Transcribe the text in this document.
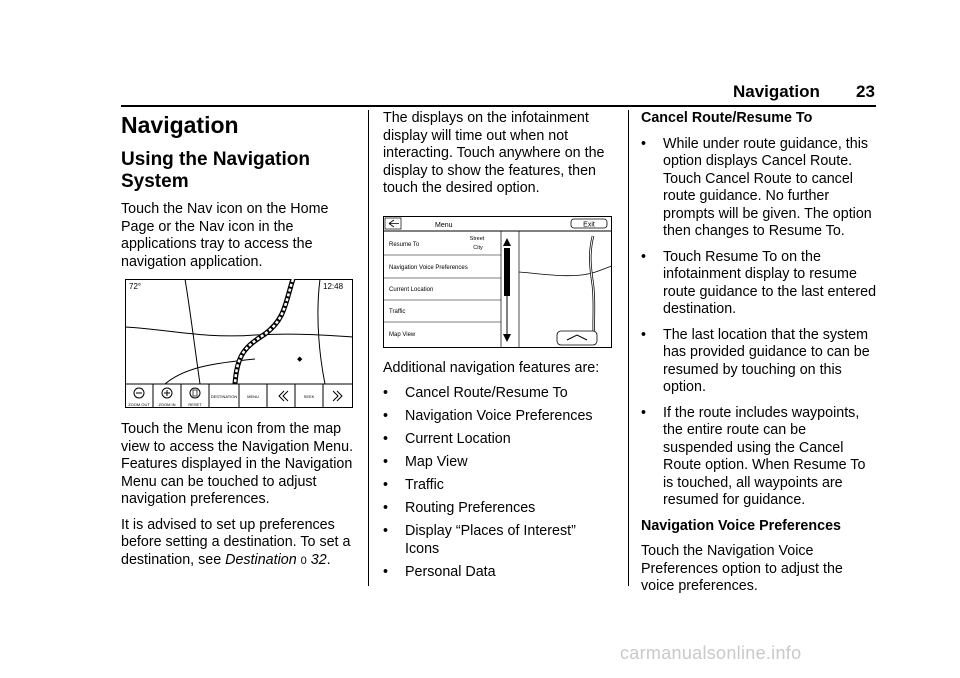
Navigation 23
Navigation
Using the Navigation System

Touch the Nav icon on the Home Page or the Nav icon in the applications tray to access the navigation application.

◆
72°	12:48
ZOOM OUT ZOOM IN	RESET
DESTINATION MENU	SEEK

Touch the Menu icon from the map view to access the Navigation Menu. Features displayed in the Navigation Menu can be touched to adjust navigation preferences.

It is advised to set up preferences before setting a destination. To set a destination, see Destination 0 32.

The displays on the infotainment display will time out when not interacting. Touch anywhere on the display to show the features, then touch the desired option.

Menu	Exit
Resume To
Street
City
Navigation Voice Preferences
Current Location
Traffic
Map View

Additional navigation features are:

• Cancel Route/Resume To
• Navigation Voice Preferences
• Current Location
• Map View
• Traffic
• Routing Preferences
• Display “Places of Interest” Icons
• Personal Data
Cancel Route/Resume To
• While under route guidance, this option displays Cancel Route. Touch Cancel Route to cancel route guidance. No further prompts will be given. The option then changes to Resume To.
• Touch Resume To on the infotainment display to resume route guidance to the last entered destination.
• The last location that the system has provided guidance to can be resumed by touching on this option.
• If the route includes waypoints, the entire route can be suspended using the Cancel Route option. When Resume To is touched, all waypoints are resumed for guidance.
Navigation Voice Preferences

Touch the Navigation Voice Preferences option to adjust the voice preferences.

carmanualsonline.info
